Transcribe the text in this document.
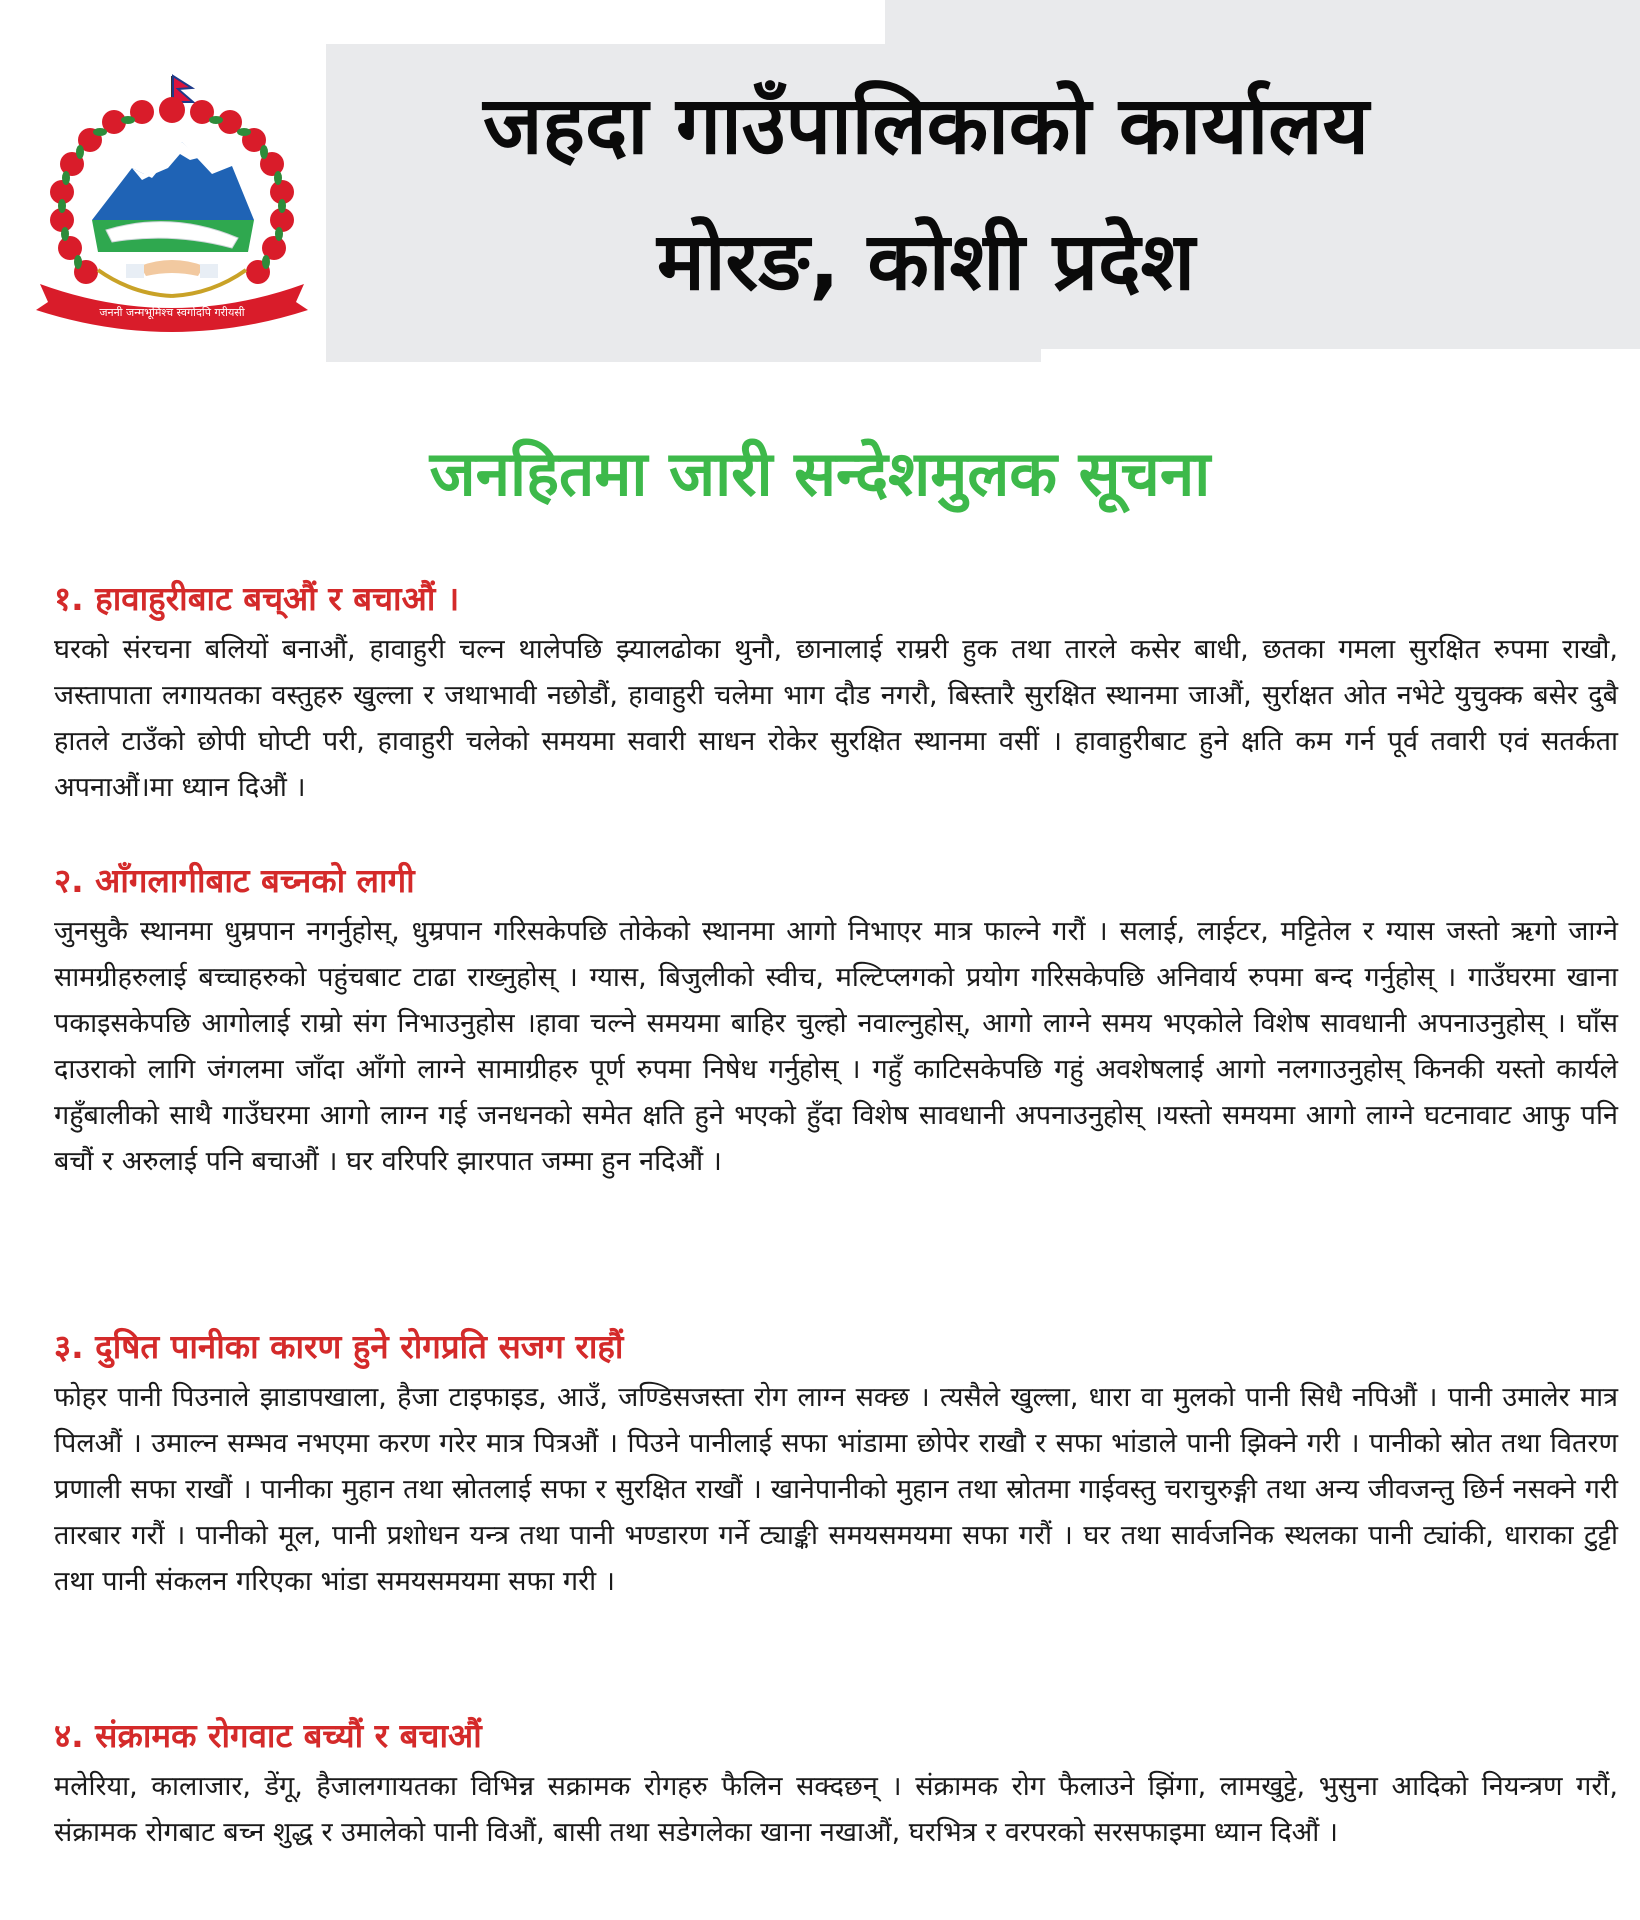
जननी जन्मभूमिश्च स्वर्गादपि गरीयसी
जहदा गाउँपालिकाको कार्यालय
मोरङ, कोशी प्रदेश
जनहितमा जारी सन्देशमुलक सूचना
१. हावाहुरीबाट बच्औं र बचाऔं ।

घरको संरचना बलियों बनाऔं, हावाहुरी चल्न थालेपछि झ्यालढोका थुनौ, छानालाई राम्ररी हुक तथा तारले कसेर बाधी, छतका गमला सुरक्षित रुपमा राखौ, जस्तापाता लगायतका वस्तुहरु खुल्ला र जथाभावी नछोडौं, हावाहुरी चलेमा भाग दौड नगरौ, बिस्तारै सुरक्षित स्थानमा जाऔं, सुर्राक्षत ओत नभेटे युचुक्क बसेर दुबै हातले टाउँको छोपी घोप्टी परी, हावाहुरी चलेको समयमा सवारी साधन रोकेर सुरक्षित स्थानमा वसीं । हावाहुरीबाट हुने क्षति कम गर्न पूर्व तवारी एवं सतर्कता अपनाऔं।मा ध्यान दिऔं ।

२. आँगलागीबाट बच्नको लागी

जुनसुकै स्थानमा धुम्रपान नगर्नुहोस्, धुम्रपान गरिसकेपछि तोकेको स्थानमा आगो निभाएर मात्र फाल्ने गरौं । सलाई, लाईटर, मट्टितेल र ग्यास जस्तो ऋगो जाग्ने सामग्रीहरुलाई बच्चाहरुको पहुंचबाट टाढा राख्नुहोस् । ग्यास, बिजुलीको स्वीच, मल्टिप्लगको प्रयोग गरिसकेपछि अनिवार्य रुपमा बन्द गर्नुहोस् । गाउँघरमा खाना पकाइसकेपछि आगोलाई राम्रो संग निभाउनुहोस ।हावा चल्ने समयमा बाहिर चुल्हो नवाल्नुहोस्, आगो लाग्ने समय भएकोले विशेष सावधानी अपनाउनुहोस् । घाँस दाउराको लागि जंगलमा जाँदा आँगो लाग्ने सामाग्रीहरु पूर्ण रुपमा निषेध गर्नुहोस् । गहुँ काटिसकेपछि गहुं अवशेषलाई आगो नलगाउनुहोस् किनकी यस्तो कार्यले गहुँबालीको साथै गाउँघरमा आगो लाग्न गई जनधनको समेत क्षति हुने भएको हुँदा विशेष सावधानी अपनाउनुहोस् ।यस्तो समयमा आगो लाग्ने घटनावाट आफु पनि बचौं र अरुलाई पनि बचाऔं । घर वरिपरि झारपात जम्मा हुन नदिऔं ।

३. दुषित पानीका कारण हुने रोगप्रति सजग राहौं

फोहर पानी पिउनाले झाडापखाला, हैजा टाइफाइड, आउँ, जण्डिसजस्ता रोग लाग्न सक्छ । त्यसैले खुल्ला, धारा वा मुलको पानी सिधै नपिऔं । पानी उमालेर मात्र पिलऔं । उमाल्न सम्भव नभएमा करण गरेर मात्र पित्रऔं । पिउने पानीलाई सफा भांडामा छोपेर राखौ र सफा भांडाले पानी झिक्ने गरी । पानीको स्रोत तथा वितरण प्रणाली सफा राखौं । पानीका मुहान तथा स्रोतलाई सफा र सुरक्षित राखौं । खानेपानीको मुहान तथा स्रोतमा गाईवस्तु चराचुरुङ्गी तथा अन्य जीवजन्तु छिर्न नसक्ने गरी तारबार गरौं । पानीको मूल, पानी प्रशोधन यन्त्र तथा पानी भण्डारण गर्ने ट्याङ्की समयसमयमा सफा गरौं । घर तथा सार्वजनिक स्थलका पानी ट्यांकी, धाराका टुट्टी तथा पानी संकलन गरिएका भांडा समयसमयमा सफा गरी ।

४. संक्रामक रोगवाट बच्यौं र बचाऔं

मलेरिया, कालाजार, डेंगू, हैजालगायतका विभिन्न सक्रामक रोगहरु फैलिन सक्दछन् । संक्रामक रोग फैलाउने झिंगा, लामखुट्टे, भुसुना आदिको नियन्त्रण गरौं, संक्रामक रोगबाट बच्न शुद्ध र उमालेको पानी विऔं, बासी तथा सडेगलेका खाना नखाऔं, घरभित्र र वरपरको सरसफाइमा ध्यान दिऔं ।
